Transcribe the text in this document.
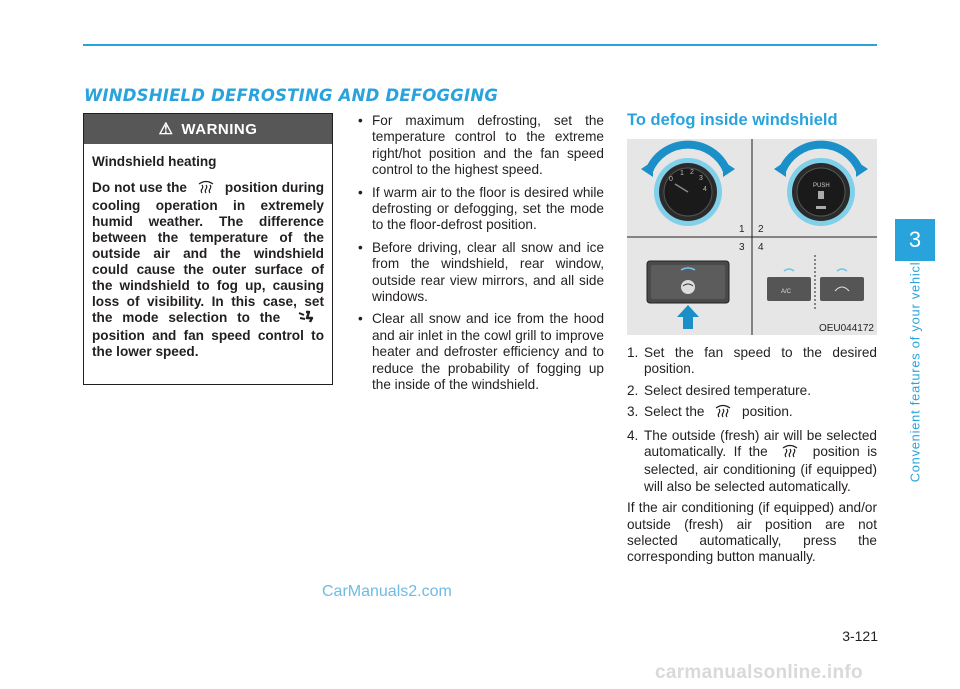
WINDSHIELD DEFROSTING AND DEFOGGING
⚠ WARNING
Windshield heating
Do not use the	position during cooling operation in extremely humid weather. The difference between the temperature of the outside air and the windshield could cause the outer surface of the windshield to fog up, causing loss of visibility. In this case, set the mode selection to the  position and fan speed control to the lower speed.
• For maximum defrosting, set the temperature control to the extreme right/hot position and the fan speed control to the highest speed.
• If warm air to the floor is desired while defrosting or defogging, set the mode to the floor-defrost position.
• Before driving, clear all snow and ice from the windshield, rear window, outside rear view mirrors, and all side windows.
• Clear all snow and ice from the hood and air inlet in the cowl grill to improve heater and defroster efficiency and to reduce the probability of fogging up the inside of the windshield.
To defog inside windshield
0
1 2
3
4	PUSH
1 2
3 4
A/C
OEU044172
1. Set the fan speed to the desired position.
2. Select desired temperature.
3. Select the	position.
4. The outside (fresh) air will be selected automatically. If the	position is selected, air conditioning (if equipped) will also be selected automatically.

If the air conditioning (if equipped) and/or outside (fresh) air position are not selected automatically, press the corresponding button manually.

3
Convenient features of your vehicle
3-121
CarManuals2.com
carmanualsonline.info
